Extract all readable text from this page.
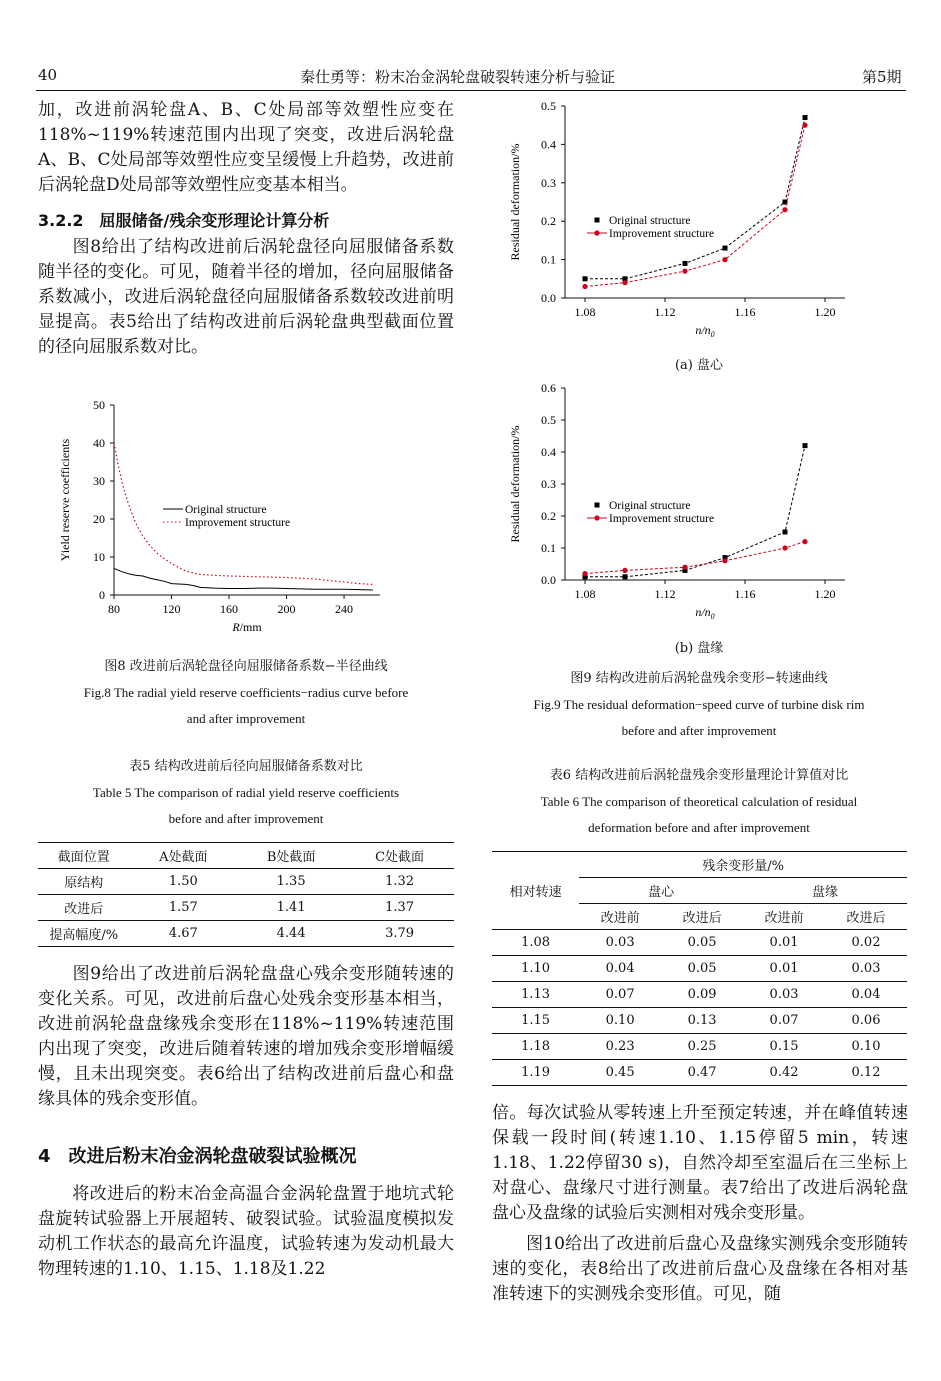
40	秦仕勇等：粉末冶金涡轮盘破裂转速分析与验证	第5期

加，改进前涡轮盘A、B、C处局部等效塑性应变在118%~119%转速范围内出现了突变，改进后涡轮盘A、B、C处局部等效塑性应变呈缓慢上升趋势，改进前后涡轮盘D处局部等效塑性应变基本相当。

3.2.2　屈服储备/残余变形理论计算分析

图8给出了结构改进前后涡轮盘径向屈服储备系数随半径的变化。可见，随着半径的增加，径向屈服储备系数减小，改进后涡轮盘径向屈服储备系数较改进前明显提高。表5给出了结构改进前后涡轮盘典型截面位置的径向屈服系数对比。

0
10
20
30
40
50
80	120	160	200	240
R/mm
Yield reserve coefficients	Original structure
Improvement structure
图8 改进前后涡轮盘径向屈服储备系数−半径曲线
Fig.8 The radial yield reserve coefficients−radius curve before
and after improvement
表5 结构改进前后径向屈服储备系数对比
Table 5 The comparison of radial yield reserve coefficients
before and after improvement
截面位置	A处截面	B处截面	C处截面
原结构	1.50	1.35	1.32
改进后	1.57	1.41	1.37
提高幅度/%	4.67	4.44	3.79

图9给出了改进前后涡轮盘盘心残余变形随转速的变化关系。可见，改进前后盘心处残余变形基本相当，改进前涡轮盘盘缘残余变形在118%~119%转速范围内出现了突变，改进后随着转速的增加残余变形增幅缓慢，且未出现突变。表6给出了结构改进前后盘心和盘缘具体的残余变形值。

4　改进后粉末冶金涡轮盘破裂试验概况

将改进后的粉末冶金高温合金涡轮盘置于地坑式轮盘旋转试验器上开展超转、破裂试验。试验温度模拟发动机工作状态的最高允许温度，试验转速为发动机最大物理转速的1.10、1.15、1.18及1.22

0.0
0.1
0.2
0.3
0.4
0.5
1.08	1.12	1.16	1.20
$n/n_0$
Residual deformation/%	Original structure
Improvement structure
(a) 盘心
0.0
0.1
0.2
0.3
0.4
0.5
0.6
1.08	1.12	1.16	1.20
$n/n_0$
Residual deformation/%	Original structure
Improvement structure
(b) 盘缘
图9 结构改进前后涡轮盘残余变形−转速曲线
Fig.9 The residual deformation−speed curve of turbine disk rim
before and after improvement
表6 结构改进前后涡轮盘残余变形量理论计算值对比
Table 6 The comparison of theoretical calculation of residual
deformation before and after improvement
相对转速	残余变形量/%			
	盘心		盘缘	
	改进前	改进后	改进前	改进后
1.08	0.03	0.05	0.01	0.02
1.10	0.04	0.05	0.01	0.03
1.13	0.07	0.09	0.03	0.04
1.15	0.10	0.13	0.07	0.06
1.18	0.23	0.25	0.15	0.10
1.19	0.45	0.47	0.42	0.12

倍。每次试验从零转速上升至预定转速，并在峰值转速保载一段时间(转速1.10、1.15停留5 min，转速1.18、1.22停留30 s)，自然冷却至室温后在三坐标上对盘心、盘缘尺寸进行测量。表7给出了改进后涡轮盘盘心及盘缘的试验后实测相对残余变形量。

图10给出了改进前后盘心及盘缘实测残余变形随转速的变化，表8给出了改进前后盘心及盘缘在各相对基准转速下的实测残余变形值。可见，随
